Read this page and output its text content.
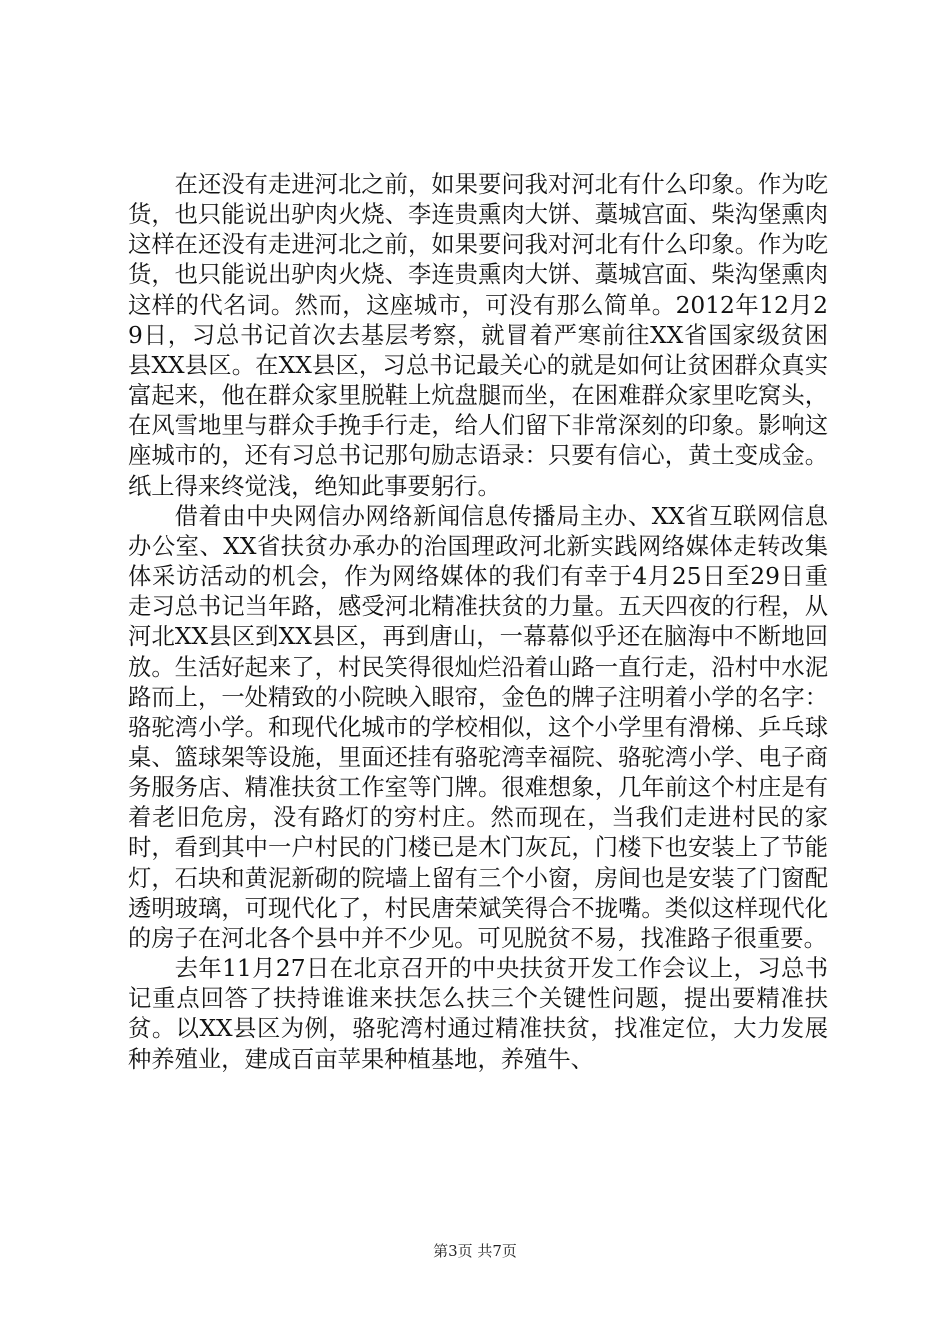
在还没有走进河北之前，如果要问我对河北有什么印象。作为吃货，也只能说出驴肉火烧、李连贵熏肉大饼、藁城宫面、柴沟堡熏肉这样在还没有走进河北之前，如果要问我对河北有什么印象。作为吃货，也只能说出驴肉火烧、李连贵熏肉大饼、藁城宫面、柴沟堡熏肉这样的代名词。然而，这座城市，可没有那么简单。2012年12月29日，习总书记首次去基层考察，就冒着严寒前往XX省国家级贫困县XX县区。在XX县区，习总书记最关心的就是如何让贫困群众真实富起来，他在群众家里脱鞋上炕盘腿而坐，在困难群众家里吃窝头，在风雪地里与群众手挽手行走，给人们留下非常深刻的印象。影响这座城市的，还有习总书记那句励志语录：只要有信心，黄土变成金。纸上得来终觉浅，绝知此事要躬行。

借着由中央网信办网络新闻信息传播局主办、XX省互联网信息办公室、XX省扶贫办承办的治国理政河北新实践网络媒体走转改集体采访活动的机会，作为网络媒体的我们有幸于4月25日至29日重走习总书记当年路，感受河北精准扶贫的力量。五天四夜的行程，从河北XX县区到XX县区，再到唐山，一幕幕似乎还在脑海中不断地回放。生活好起来了，村民笑得很灿烂沿着山路一直行走，沿村中水泥路而上，一处精致的小院映入眼帘，金色的牌子注明着小学的名字：骆驼湾小学。和现代化城市的学校相似，这个小学里有滑梯、乒乓球桌、篮球架等设施，里面还挂有骆驼湾幸福院、骆驼湾小学、电子商务服务店、精准扶贫工作室等门牌。很难想象，几年前这个村庄是有着老旧危房，没有路灯的穷村庄。然而现在，当我们走进村民的家时，看到其中一户村民的门楼已是木门灰瓦，门楼下也安装上了节能灯，石块和黄泥新砌的院墙上留有三个小窗，房间也是安装了门窗配透明玻璃，可现代化了，村民唐荣斌笑得合不拢嘴。类似这样现代化的房子在河北各个县中并不少见。可见脱贫不易，找准路子很重要。

去年11月27日在北京召开的中央扶贫开发工作会议上，习总书记重点回答了扶持谁谁来扶怎么扶三个关键性问题，提出要精准扶贫。以XX县区为例，骆驼湾村通过精准扶贫，找准定位，大力发展种养殖业，建成百亩苹果种植基地，养殖牛、

第3页 共7页
